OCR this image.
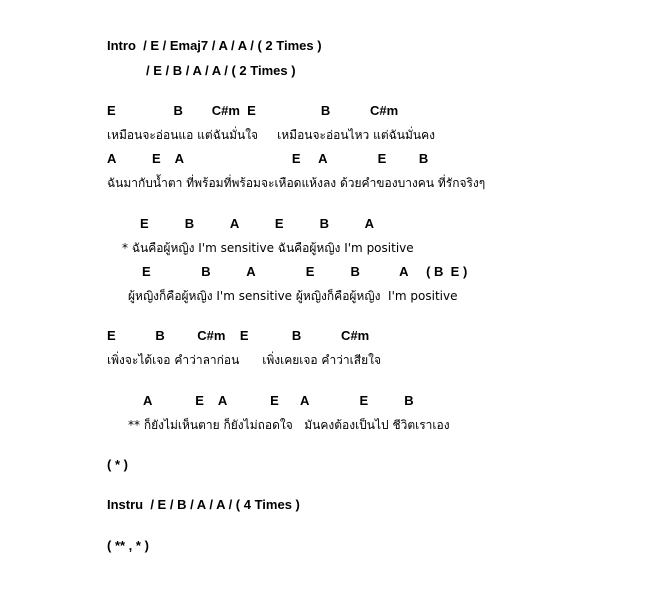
Intro  / E / Emaj7 / A / A / ( 2 Times )
/ E / B / A / A / ( 2 Times )
E                B        C#m  E                  B           C#m
เหมือนจะอ่อนแอ แต่ฉันมั่นใจ     เหมือนจะอ่อนไหว แต่ฉันมั่นคง
A          E    A                              E     A              E         B
ฉันมากับน้ำตา ที่พร้อมที่พร้อมจะเหือดแห้งลง ด้วยคำของบางคน ที่รักจริงๆ
E          B          A          E          B          A
* ฉันคือผู้หญิง I'm sensitive ฉันคือผู้หญิง I'm positive
E              B          A              E          B           A     ( B  E )
ผู้หญิงก็คือผู้หญิง I'm sensitive ผู้หญิงก็คือผู้หญิง  I'm positive
E           B         C#m    E            B           C#m
เพิ่งจะได้เจอ คำว่าลาก่อน      เพิ่งเคยเจอ คำว่าเสียใจ
A            E    A            E      A              E          B
** ก็ยังไม่เห็นตาย ก็ยังไม่ถอดใจ   มันคงต้องเป็นไป ชีวิตเราเอง
( * )
Instru  / E / B / A / A / ( 4 Times )
( ** , * )
